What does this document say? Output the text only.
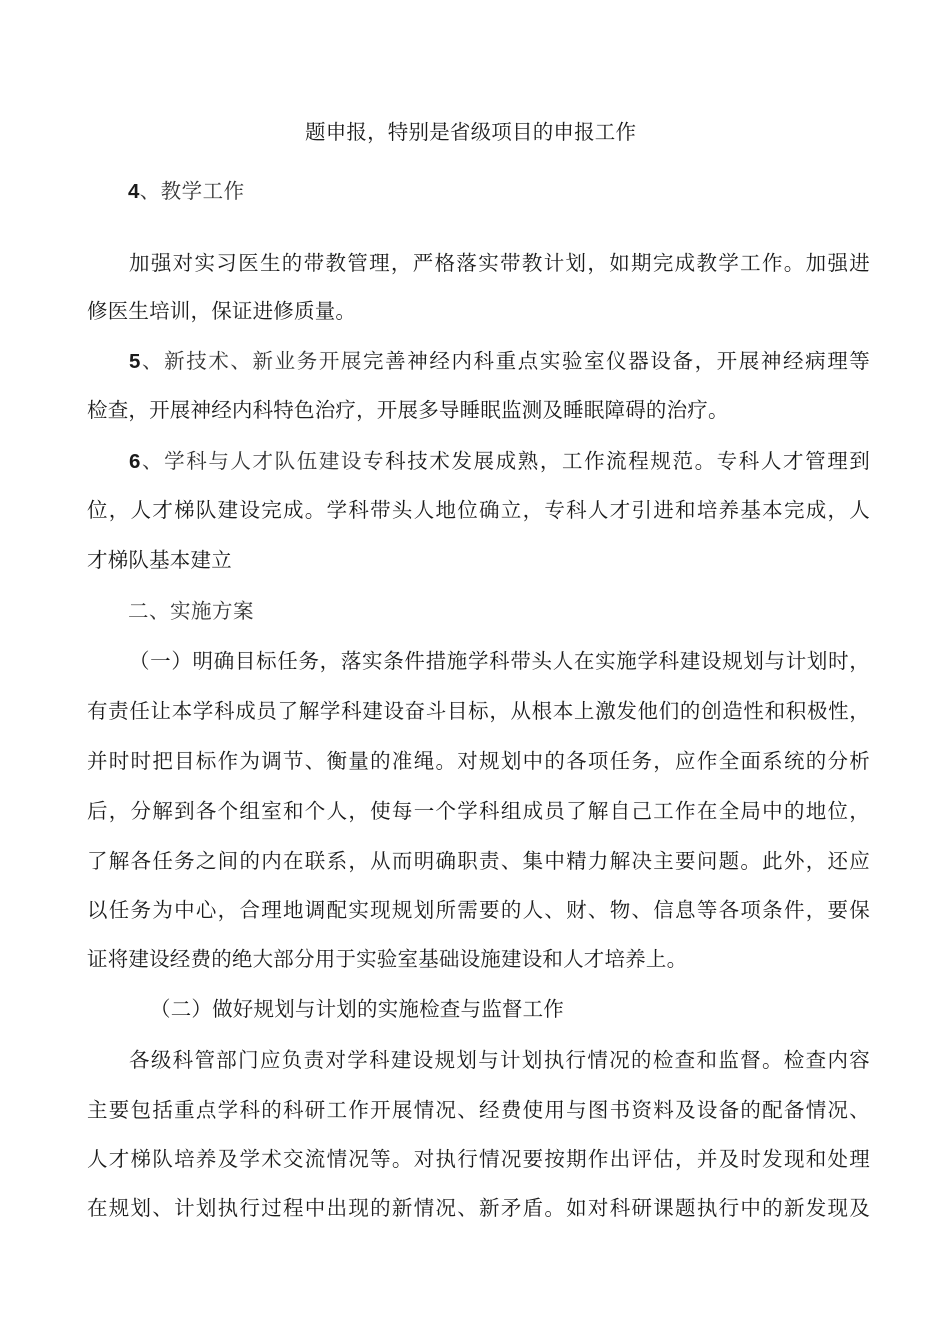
题申报，特别是省级项目的申报工作
4、教学工作
加强对实习医生的带教管理，严格落实带教计划，如期完成教学工作。加强进
修医生培训，保证进修质量。
5、新技术、新业务开展完善神经内科重点实验室仪器设备，开展神经病理等
检查，开展神经内科特色治疗，开展多导睡眠监测及睡眠障碍的治疗。
6、学科与人才队伍建设专科技术发展成熟，工作流程规范。专科人才管理到
位，人才梯队建设完成。学科带头人地位确立，专科人才引进和培养基本完成，人
才梯队基本建立
二、实施方案
（一）明确目标任务，落实条件措施学科带头人在实施学科建设规划与计划时，
有责任让本学科成员了解学科建设奋斗目标，从根本上激发他们的创造性和积极性，
并时时把目标作为调节、衡量的准绳。对规划中的各项任务，应作全面系统的分析
后，分解到各个组室和个人，使每一个学科组成员了解自己工作在全局中的地位，
了解各任务之间的内在联系，从而明确职责、集中精力解决主要问题。此外，还应
以任务为中心，合理地调配实现规划所需要的人、财、物、信息等各项条件，要保
证将建设经费的绝大部分用于实验室基础设施建设和人才培养上。
（二）做好规划与计划的实施检查与监督工作
各级科管部门应负责对学科建设规划与计划执行情况的检查和监督。检查内容
主要包括重点学科的科研工作开展情况、经费使用与图书资料及设备的配备情况、
人才梯队培养及学术交流情况等。对执行情况要按期作出评估，并及时发现和处理
在规划、计划执行过程中出现的新情况、新矛盾。如对科研课题执行中的新发现及
